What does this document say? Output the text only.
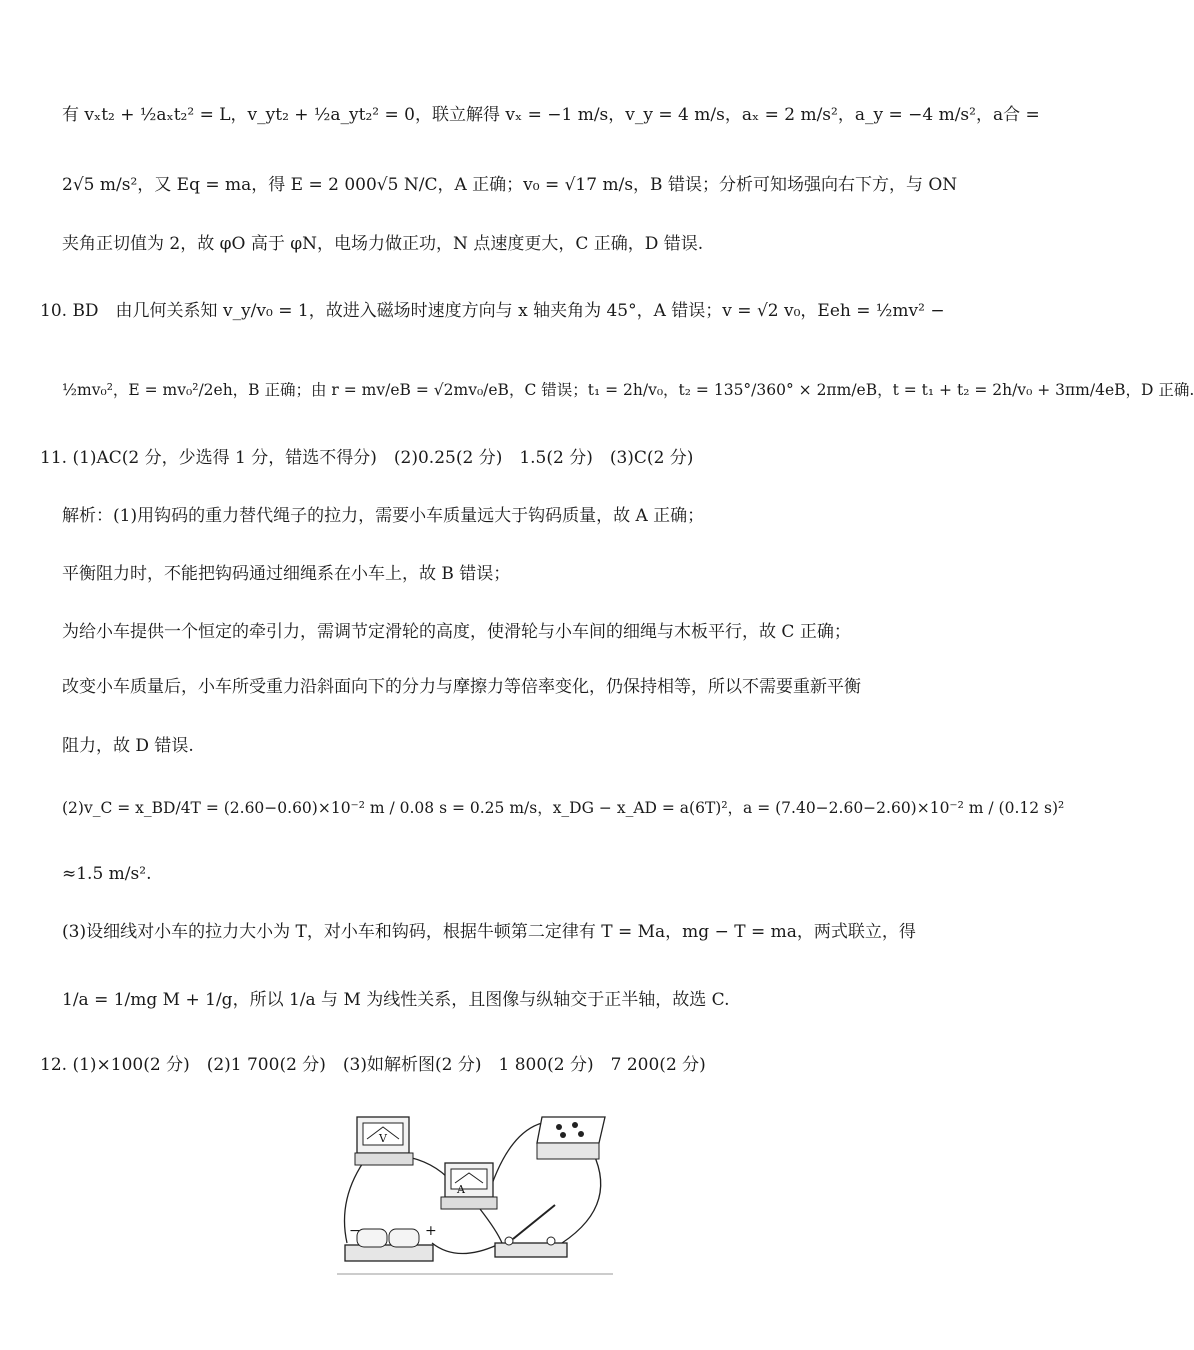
有 vₓt₂ + ½aₓt₂² = L，v_yt₂ + ½a_yt₂² = 0，联立解得 vₓ = −1 m/s，v_y = 4 m/s，aₓ = 2 m/s²，a_y = −4 m/s²，a合 =
2√5 m/s²，又 Eq = ma，得 E = 2 000√5 N/C，A 正确；v₀ = √17 m/s，B 错误；分析可知场强向右下方，与 ON
夹角正切值为 2，故 φO 高于 φN，电场力做正功，N 点速度更大，C 正确，D 错误.
10. BD　由几何关系知 v_y/v₀ = 1，故进入磁场时速度方向与 x 轴夹角为 45°，A 错误；v = √2 v₀，Eeh = ½mv² −
½mv₀²，E = mv₀²/2eh，B 正确；由 r = mv/eB = √2mv₀/eB，C 错误；t₁ = 2h/v₀，t₂ = 135°/360° × 2πm/eB，t = t₁ + t₂ = 2h/v₀ + 3πm/4eB，D 正确.
11. (1)AC(2 分，少选得 1 分，错选不得分)　(2)0.25(2 分)　1.5(2 分)　(3)C(2 分)
解析：(1)用钩码的重力替代绳子的拉力，需要小车质量远大于钩码质量，故 A 正确；
平衡阻力时，不能把钩码通过细绳系在小车上，故 B 错误；
为给小车提供一个恒定的牵引力，需调节定滑轮的高度，使滑轮与小车间的细绳与木板平行，故 C 正确；
改变小车质量后，小车所受重力沿斜面向下的分力与摩擦力等倍率变化，仍保持相等，所以不需要重新平衡
阻力，故 D 错误.
(2)v_C = x_BD/4T = (2.60−0.60)×10⁻² m / 0.08 s = 0.25 m/s，x_DG − x_AD = a(6T)²，a = (7.40−2.60−2.60)×10⁻² m / (0.12 s)²
≈1.5 m/s².
(3)设细线对小车的拉力大小为 T，对小车和钩码，根据牛顿第二定律有 T = Ma，mg − T = ma，两式联立，得
1/a = 1/mg M + 1/g，所以 1/a 与 M 为线性关系，且图像与纵轴交于正半轴，故选 C.
12. (1)×100(2 分)　(2)1 700(2 分)　(3)如解析图(2 分)　1 800(2 分)　7 200(2 分)
V
A
−	+
